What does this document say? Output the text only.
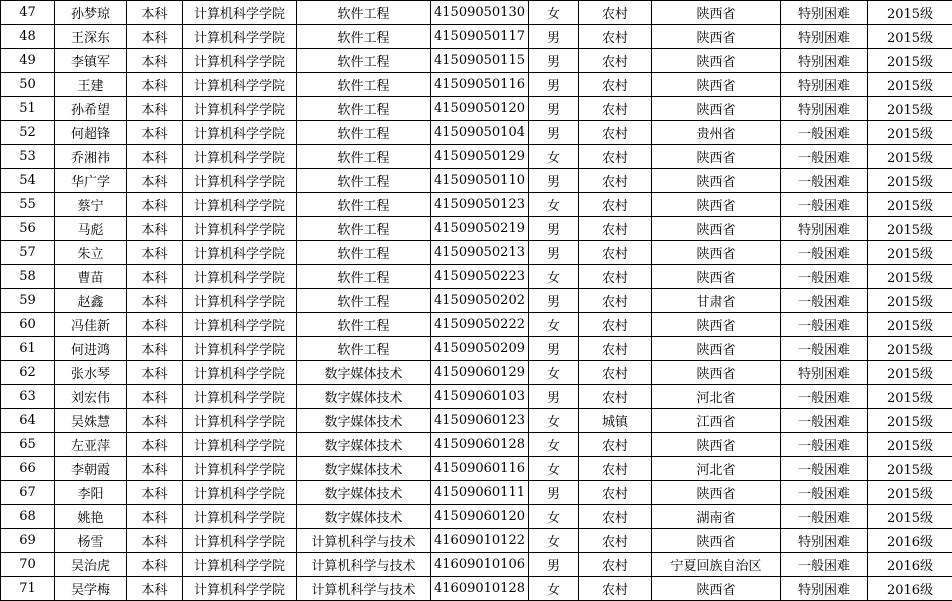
47	孙梦琼	本科	计算机科学学院	软件工程	41509050130	女	农村	陕西省	特别困难	2015级
48	王深东	本科	计算机科学学院	软件工程	41509050117	男	农村	陕西省	特别困难	2015级
49	李镇军	本科	计算机科学学院	软件工程	41509050115	男	农村	陕西省	特别困难	2015级
50	王建	本科	计算机科学学院	软件工程	41509050116	男	农村	陕西省	特别困难	2015级
51	孙希望	本科	计算机科学学院	软件工程	41509050120	男	农村	陕西省	特别困难	2015级
52	何超锋	本科	计算机科学学院	软件工程	41509050104	男	农村	贵州省	一般困难	2015级
53	乔湘祎	本科	计算机科学学院	软件工程	41509050129	女	农村	陕西省	一般困难	2015级
54	华广学	本科	计算机科学学院	软件工程	41509050110	男	农村	陕西省	一般困难	2015级
55	蔡宁	本科	计算机科学学院	软件工程	41509050123	女	农村	陕西省	一般困难	2015级
56	马彪	本科	计算机科学学院	软件工程	41509050219	男	农村	陕西省	特别困难	2015级
57	朱立	本科	计算机科学学院	软件工程	41509050213	男	农村	陕西省	一般困难	2015级
58	曹苗	本科	计算机科学学院	软件工程	41509050223	女	农村	陕西省	一般困难	2015级
59	赵鑫	本科	计算机科学学院	软件工程	41509050202	男	农村	甘肃省	一般困难	2015级
60	冯佳新	本科	计算机科学学院	软件工程	41509050222	女	农村	陕西省	一般困难	2015级
61	何进鸿	本科	计算机科学学院	软件工程	41509050209	男	农村	陕西省	一般困难	2015级
62	张水琴	本科	计算机科学学院	数字媒体技术	41509060129	女	农村	陕西省	特别困难	2015级
63	刘宏伟	本科	计算机科学学院	数字媒体技术	41509060103	男	农村	河北省	一般困难	2015级
64	吴姝慧	本科	计算机科学学院	数字媒体技术	41509060123	女	城镇	江西省	一般困难	2015级
65	左亚萍	本科	计算机科学学院	数字媒体技术	41509060128	女	农村	陕西省	一般困难	2015级
66	李朝霞	本科	计算机科学学院	数字媒体技术	41509060116	女	农村	河北省	一般困难	2015级
67	李阳	本科	计算机科学学院	数字媒体技术	41509060111	男	农村	陕西省	一般困难	2015级
68	姚艳	本科	计算机科学学院	数字媒体技术	41509060120	女	农村	湖南省	一般困难	2015级
69	杨雪	本科	计算机科学学院	计算机科学与技术	41609010122	女	农村	陕西省	特别困难	2016级
70	吴治虎	本科	计算机科学学院	计算机科学与技术	41609010106	男	农村	宁夏回族自治区	一般困难	2016级
71	吴学梅	本科	计算机科学学院	计算机科学与技术	41609010128	女	农村	陕西省	特别困难	2016级
